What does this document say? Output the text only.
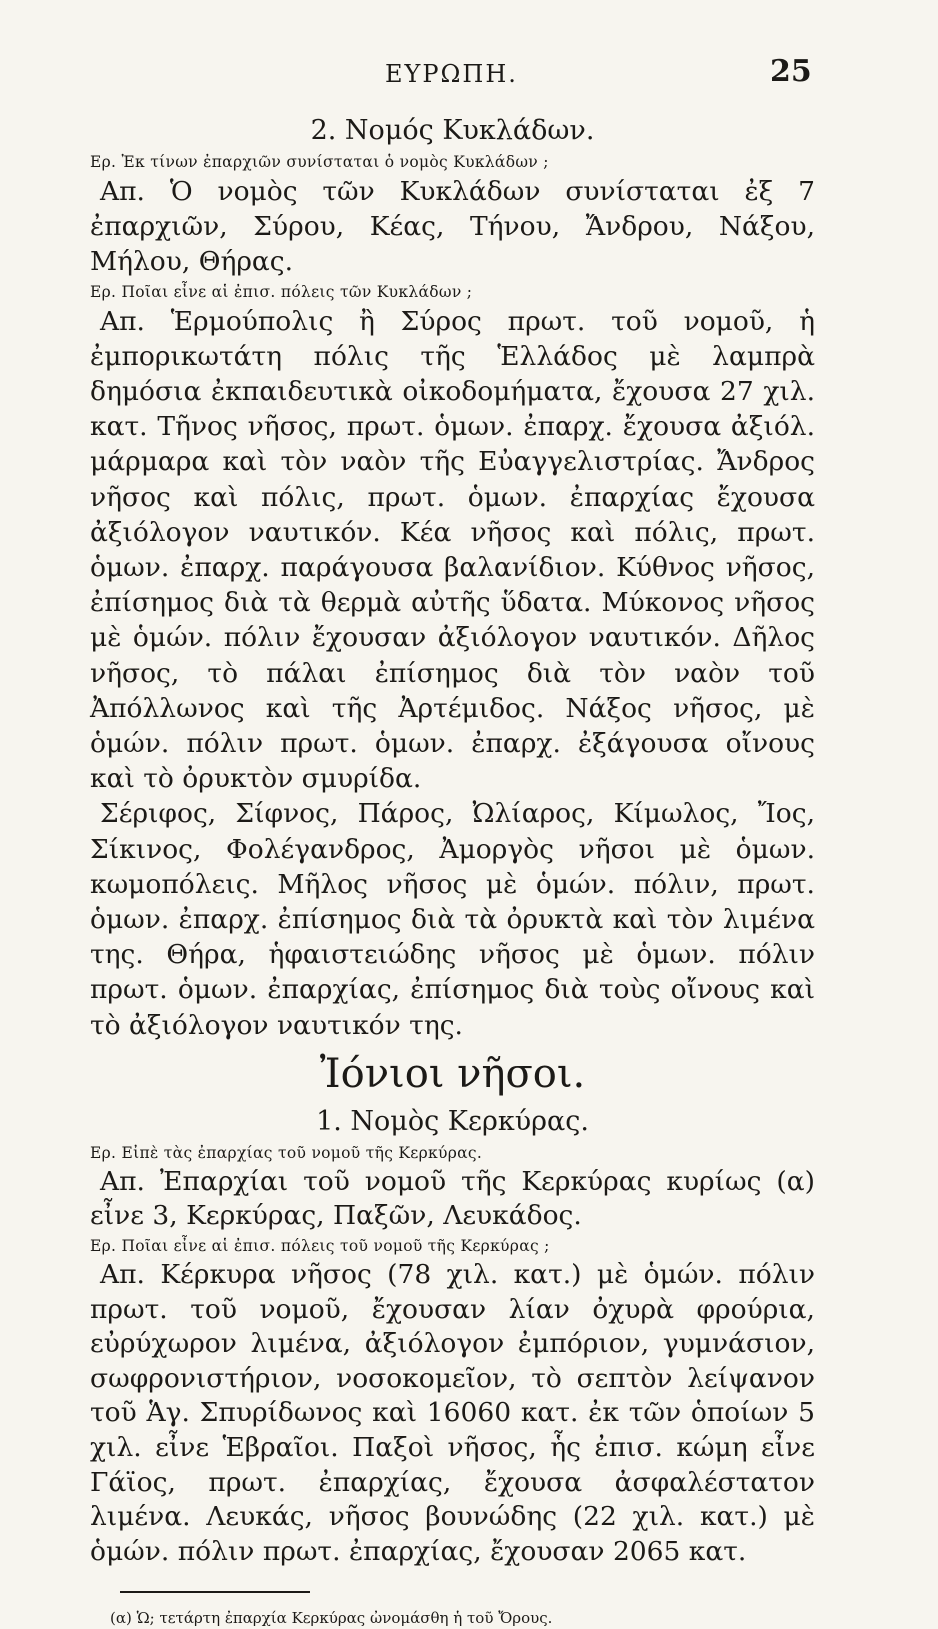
ΕΥΡΩΠΗ.	25

2. Νομός Κυκλάδων.

Ερ. Ἐκ τίνων ἐπαρχιῶν συνίσταται ὁ νομὸς Κυκλάδων ;

Απ. Ὁ νομὸς τῶν Κυκλάδων συνίσταται ἐξ 7 ἐπαρχιῶν, Σύρου, Κέας, Τήνου, Ἄνδρου, Νάξου, Μήλου, Θήρας.

Ερ. Ποῖαι εἶνε αἱ ἐπισ. πόλεις τῶν Κυκλάδων ;

Απ. Ἑρμούπολις ἢ Σύρος πρωτ. τοῦ νομοῦ, ἡ ἐμπορικωτάτη πόλις τῆς Ἑλλάδος μὲ λαμπρὰ δημόσια ἐκπαιδευτικὰ οἰκοδομήματα, ἔχουσα 27 χιλ. κατ. Τῆνος νῆσος, πρωτ. ὁμων. ἐπαρχ. ἔχουσα ἀξιόλ. μάρμαρα καὶ τὸν ναὸν τῆς Εὐαγγελιστρίας. Ἄνδρος νῆσος καὶ πόλις, πρωτ. ὁμων. ἐπαρχίας ἔχουσα ἀξιόλογον ναυτικόν. Κέα νῆσος καὶ πόλις, πρωτ. ὁμων. ἐπαρχ. παράγουσα βαλανίδιον. Κύθνος νῆσος, ἐπίσημος διὰ τὰ θερμὰ αὐτῆς ὕδατα. Μύκονος νῆσος μὲ ὁμών. πόλιν ἔχουσαν ἀξιόλογον ναυτικόν. Δῆλος νῆσος, τὸ πάλαι ἐπίσημος διὰ τὸν ναὸν τοῦ Ἀπόλλωνος καὶ τῆς Ἀρτέμιδος. Νάξος νῆσος, μὲ ὁμών. πόλιν πρωτ. ὁμων. ἐπαρχ. ἐξάγουσα οἴνους καὶ τὸ ὀρυκτὸν σμυρίδα.

Σέριφος, Σίφνος, Πάρος, Ὠλίαρος, Κίμωλος, Ἴος, Σίκινος, Φολέγανδρος, Ἀμοργὸς νῆσοι μὲ ὁμων. κωμοπόλεις. Μῆλος νῆσος μὲ ὁμών. πόλιν, πρωτ. ὁμων. ἐπαρχ. ἐπίσημος διὰ τὰ ὀρυκτὰ καὶ τὸν λιμένα της. Θήρα, ἡφαιστειώδης νῆσος μὲ ὁμων. πόλιν πρωτ. ὁμων. ἐπαρχίας, ἐπίσημος διὰ τοὺς οἴνους καὶ τὸ ἀξιόλογον ναυτικόν της.

Ἰόνιοι νῆσοι.

1. Νομὸς Κερκύρας.

Ερ. Εἰπὲ τὰς ἐπαρχίας τοῦ νομοῦ τῆς Κερκύρας.

Απ. Ἐπαρχίαι τοῦ νομοῦ τῆς Κερκύρας κυρίως (α) εἶνε 3, Κερκύρας, Παξῶν, Λευκάδος.

Ερ. Ποῖαι εἶνε αἱ ἐπισ. πόλεις τοῦ νομοῦ τῆς Κερκύρας ;

Απ. Κέρκυρα νῆσος (78 χιλ. κατ.) μὲ ὁμών. πόλιν πρωτ. τοῦ νομοῦ, ἔχουσαν λίαν ὀχυρὰ φρούρια, εὐρύχωρον λιμένα, ἀξιόλογον ἐμπόριον, γυμνάσιον, σωφρονιστήριον, νοσοκομεῖον, τὸ σεπτὸν λείψανον τοῦ Ἁγ. Σπυρίδωνος καὶ 16060 κατ. ἐκ τῶν ὁποίων 5 χιλ. εἶνε Ἑβραῖοι. Παξοὶ νῆσος, ἧς ἐπισ. κώμη εἶνε Γάϊος, πρωτ. ἐπαρχίας, ἔχουσα ἀσφαλέστατον λιμένα. Λευκάς, νῆσος βουνώδης (22 χιλ. κατ.) μὲ ὁμών. πόλιν πρωτ. ἐπαρχίας, ἔχουσαν 2065 κατ.

(α) Ὡ; τετάρτη ἐπαρχία Κερκύρας ὠνομάσθη ἡ τοῦ Ὄρους.
